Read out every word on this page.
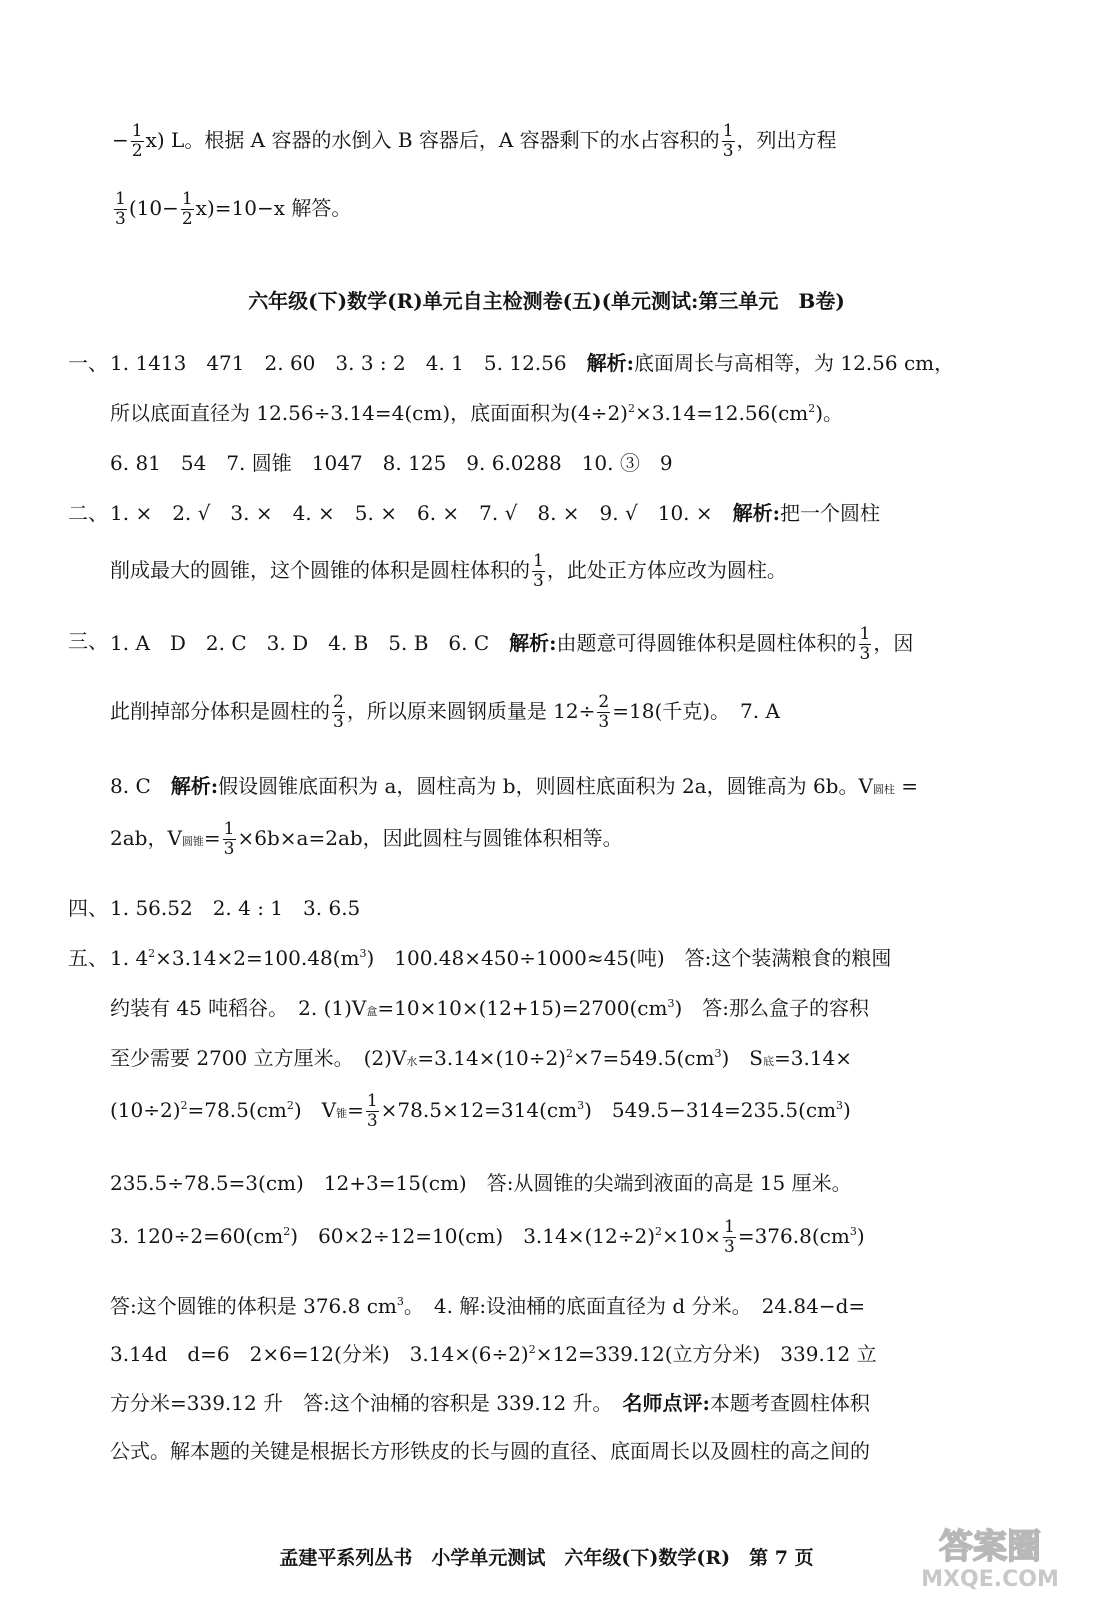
− $\frac{1}{2} x$) L。根据 A 容器的水倒入 B 容器后，A 容器剩下的水占容积的 $\frac{1}{3}$ ，列出方程
$\frac{1}{3} (10- \frac{1}{2} x)=10-x$ 解答。
六年级(下)数学(R)单元自主检测卷(五)(单元测试:第三单元　B卷)
一、 1. 1413　471　2. 60　3. 3 : 2　4. 1　5. 12.56　解析:底面周长与高相等，为 12.56 cm，
所以底面直径为 12.56÷3.14=4(cm)，底面面积为$(4\div 2)^2\times 3.14=12.56(cm^2)$。
6. 81　54　7. 圆锥　1047　8. 125　9. 6.0288　10. ③　9
二、 1. ×　2. √　3. ×　4. ×　5. ×　6. ×　7. √　8. ×　9. √　10. ×　解析:把一个圆柱
削成最大的圆锥，这个圆锥的体积是圆柱体积的 $\frac{1}{3}$ ，此处正方体应改为圆柱。
三、 1. A　D　2. C　3. D　4. B　5. B　6. C　解析:由题意可得圆锥体积是圆柱体积的 $\frac{1}{3}$ ，因
此削掉部分体积是圆柱的 $\frac{2}{3}$ ，所以原来圆钢质量是 $12\div \frac{2}{3} =18$(千克)。　7. A
8. C　解析:假设圆锥底面积为 a，圆柱高为 b，则圆柱底面积为 2a，圆锥高为 6b。V圆柱 =
2ab，V圆锥= $\frac{1}{3} \times 6b\times a=2ab$，因此圆柱与圆锥体积相等。
四、 1. 56.52　2. 4 : 1　3. 6.5
五、 1. $4^2\times 3.14\times 2=100.48(m^3)$　100.48×450÷1000≈45(吨)　答:这个装满粮食的粮囤
约装有 45 吨稻谷。　2. (1)V盒$=10\times 10\times(12+15)=2700(cm^3)$　答:那么盒子的容积
至少需要 2700 立方厘米。　(2)V水$=3.14\times(10\div 2)^2\times 7=549.5(cm^3)$　S底=3.14×
$(10\div 2)^2=78.5(cm^2)$　V锥= $\frac{1}{3} \times 78.5\times 12=314(cm^3)$　$549.5-314=235.5(cm^3)$
235.5÷78.5=3(cm)　12+3=15(cm)　答:从圆锥的尖端到液面的高是 15 厘米。
3. $120\div 2=60(cm^2)$　60×2÷12=10(cm)　$3.14\times(12\div 2)^2\times 10\times \frac{1}{3} =376.8(cm^3)$
答:这个圆锥的体积是 376.8 $cm^3$。　4. 解:设油桶的底面直径为 d 分米。　24.84−d=
3.14d　d=6　2×6=12(分米)　$3.14\times(6\div 2)^2\times 12=339.12$(立方分米)　339.12 立
方分米=339.12 升　答:这个油桶的容积是 339.12 升。　名师点评:本题考查圆柱体积
公式。解本题的关键是根据长方形铁皮的长与圆的直径、底面周长以及圆柱的高之间的
孟建平系列丛书　小学单元测试　六年级(下)数学(R)　第 7 页	答案圈
MXQE.COM
